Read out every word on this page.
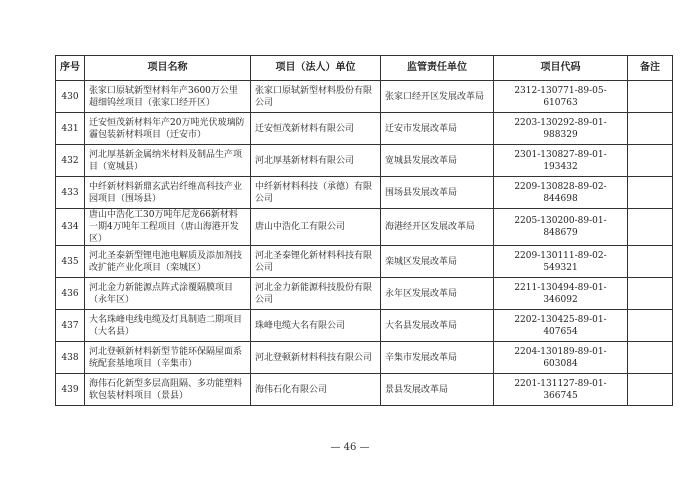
序号	项目名称	项目（法人）单位	监管责任单位	项目代码	备注
430	张家口原轼新型材料年产3600万公里超细钨丝项目（张家口经开区）	张家口原轼新型材料股份有限公司	张家口经开区发展改革局	2312-130771-89-05-610763	
431	迁安恒茂新材料年产20万吨光伏玻璃防霾包装新材料项目（迁安市）	迁安恒茂新材料有限公司	迁安市发展改革局	2203-130292-89-01-988329	
432	河北厚基新金属纳米材料及制品生产项目（宽城县）	河北厚基新材料有限公司	宽城县发展改革局	2301-130827-89-01-193432	
433	中纤新材料新鼎玄武岩纤维高科技产业园项目（围场县）	中纤新材料科技（承德）有限公司	围场县发展改革局	2209-130828-89-02-844698	
434	唐山中浩化工30万吨年尼龙66新材料一期4万吨年工程项目（唐山海港开发区）	唐山中浩化工有限公司	海港经开区发展改革局	2205-130200-89-01-848679	
435	河北圣泰新型锂电池电解质及添加剂技改扩能产业化项目（栾城区）	河北圣泰锂化新材料科技有限公司	栾城区发展改革局	2209-130111-89-02-549321	
436	河北金力新能源点阵式涂覆隔膜项目（永年区）	河北金力新能源科技股份有限公司	永年区发展改革局	2211-130494-89-01-346092	
437	大名珠峰电线电缆及灯具制造二期项目（大名县）	珠峰电缆大名有限公司	大名县发展改革局	2202-130425-89-01-407654	
438	河北登顿新材料新型节能环保隔屋面系统配套基地项目（辛集市）	河北登顿新材料科技有限公司	辛集市发展改革局	2204-130189-89-01-603084	
439	海伟石化新型多层高阻隔、多功能塑料软包装材料项目（景县）	海伟石化有限公司	景县发展改革局	2201-131127-89-01-366745	
— 46 —
